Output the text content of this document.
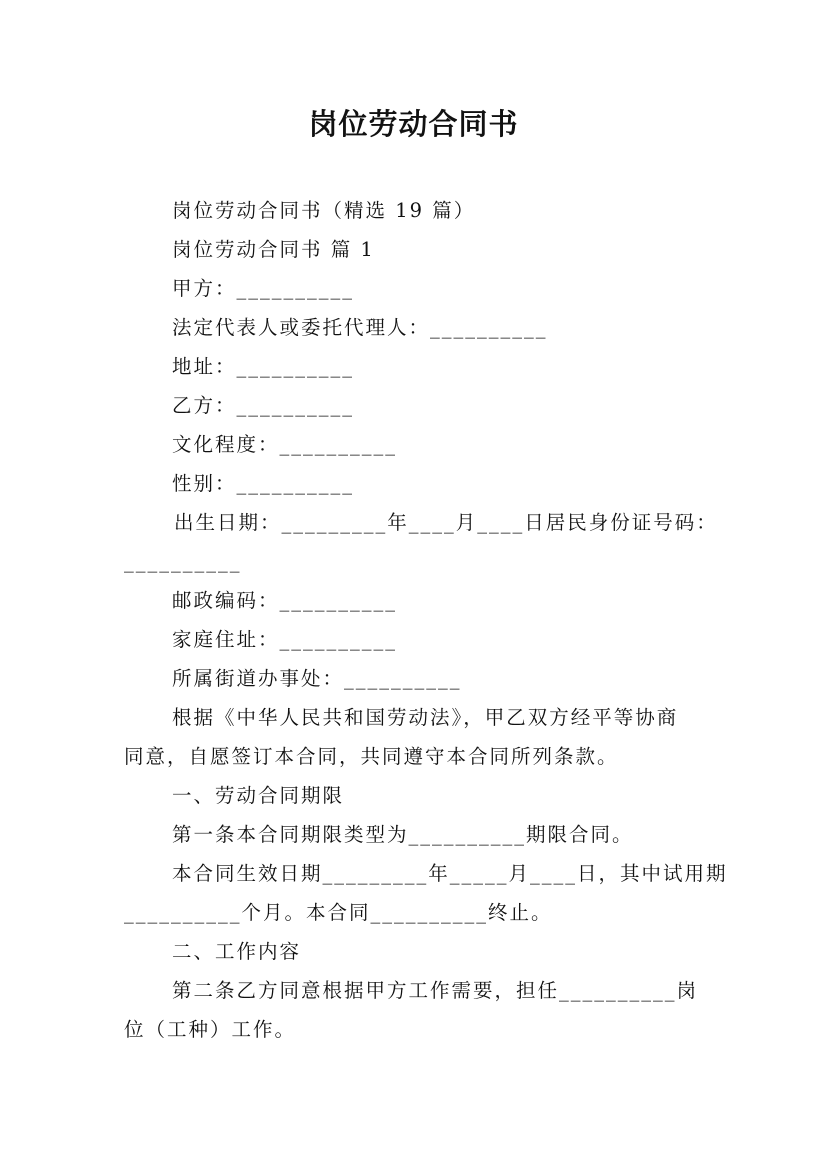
岗位劳动合同书
岗位劳动合同书（精选 19 篇）
岗位劳动合同书 篇 1
甲方：__________
法定代表人或委托代理人：__________
地址：__________
乙方：__________
文化程度：__________
性别：__________
出生日期：_________年____月____日居民身份证号码：
__________
邮政编码：__________
家庭住址：__________
所属街道办事处：__________
根据《中华人民共和国劳动法》，甲乙双方经平等协商
同意，自愿签订本合同，共同遵守本合同所列条款。
一、劳动合同期限
第一条本合同期限类型为__________期限合同。
本合同生效日期_________年_____月____日，其中试用期
__________个月。本合同__________终止。
二、工作内容
第二条乙方同意根据甲方工作需要，担任__________岗
位（工种）工作。
